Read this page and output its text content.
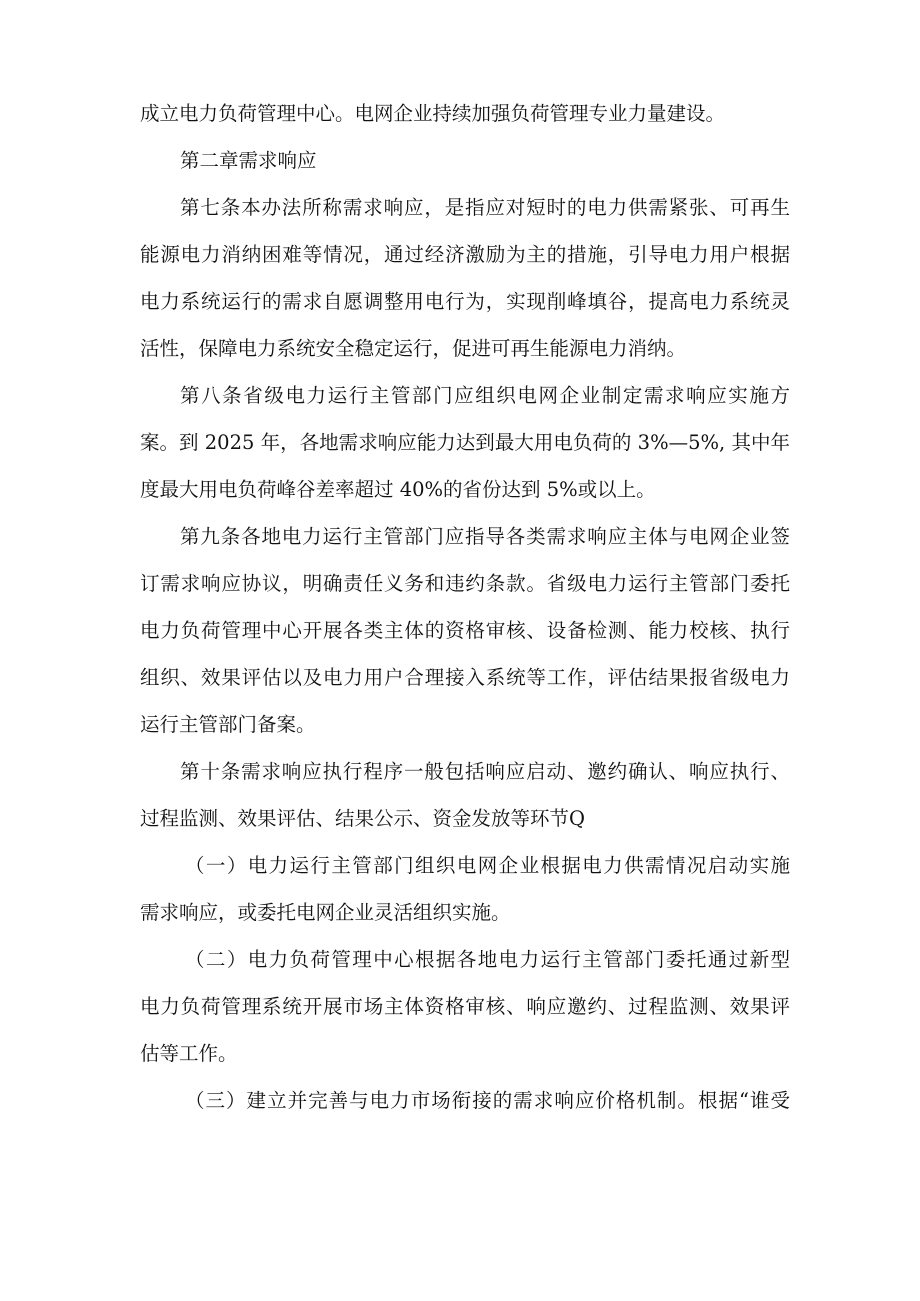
成立电力负荷管理中心。电网企业持续加强负荷管理专业力量建设。
第二章需求响应
第七条本办法所称需求响应，是指应对短时的电力供需紧张、可再生
能源电力消纳困难等情况，通过经济激励为主的措施，引导电力用户根据
电力系统运行的需求自愿调整用电行为，实现削峰填谷，提高电力系统灵
活性，保障电力系统安全稳定运行，促进可再生能源电力消纳。
第八条省级电力运行主管部门应组织电网企业制定需求响应实施方
案。到 2025 年，各地需求响应能力达到最大用电负荷的 3%—5%, 其中年
度最大用电负荷峰谷差率超过 40%的省份达到 5%或以上。
第九条各地电力运行主管部门应指导各类需求响应主体与电网企业签
订需求响应协议，明确责任义务和违约条款。省级电力运行主管部门委托
电力负荷管理中心开展各类主体的资格审核、设备检测、能力校核、执行
组织、效果评估以及电力用户合理接入系统等工作，评估结果报省级电力
运行主管部门备案。
第十条需求响应执行程序一般包括响应启动、邀约确认、响应执行、
过程监测、效果评估、结果公示、资金发放等环节Q
（一）电力运行主管部门组织电网企业根据电力供需情况启动实施
需求响应，或委托电网企业灵活组织实施。
（二）电力负荷管理中心根据各地电力运行主管部门委托通过新型
电力负荷管理系统开展市场主体资格审核、响应邀约、过程监测、效果评
估等工作。
（三）建立并完善与电力市场衔接的需求响应价格机制。根据“谁受
